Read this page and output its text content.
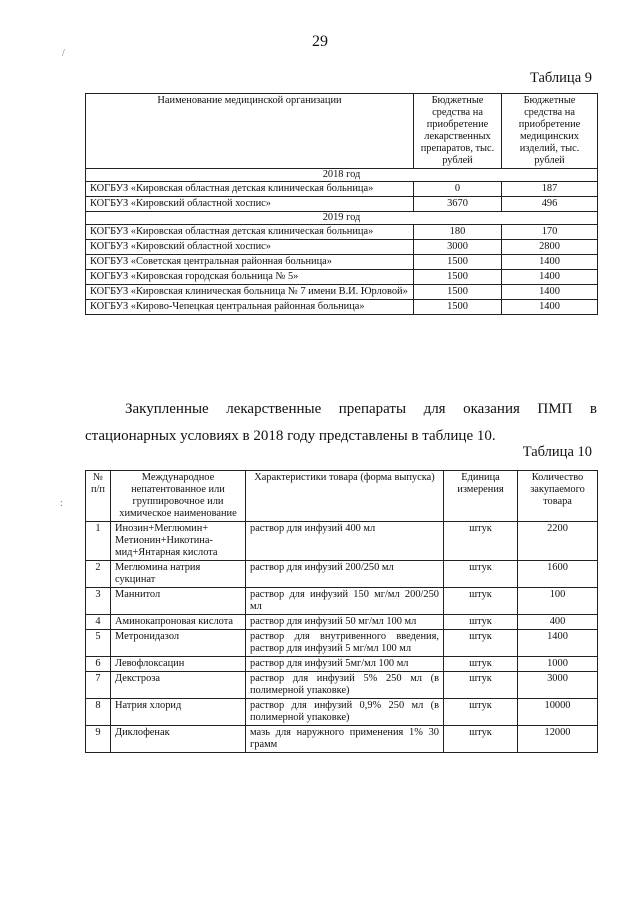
29
/
:
Таблица 9
Наименование медицинской организации	Бюджетные средства на приобретение лекарственных препаратов, тыс. рублей	Бюджетные средства на приобретение медицинских изделий, тыс. рублей
2018 год		
КОГБУЗ «Кировская областная детская клиническая больница»	0	187
КОГБУЗ «Кировский областной хоспис»	3670	496
2019 год		
КОГБУЗ «Кировская областная детская клиническая больница»	180	170
КОГБУЗ «Кировский областной хоспис»	3000	2800
КОГБУЗ «Советская центральная районная больница»	1500	1400
КОГБУЗ «Кировская городская больница № 5»	1500	1400
КОГБУЗ «Кировская клиническая больница № 7 имени В.И. Юрловой»	1500	1400
КОГБУЗ «Кирово-Чепецкая центральная районная больница»	1500	1400
Закупленные лекарственные препараты для оказания ПМП в
стационарных условиях в 2018 году представлены в таблице 10.
Таблица 10
№ п/п	Международное непатентованное или группировочное или химическое наименование	Характеристики товара (форма выпуска)	Единица измерения	Количество закупаемого товара
1	Инозин+Меглюмин+ Метионин+Никотина-мид+Янтарная кислота	раствор для инфузий 400 мл	штук	2200
2	Меглюмина натрия сукцинат	раствор для инфузий 200/250 мл	штук	1600
3	Маннитол	раствор для инфузий 150 мг/мл 200/250 мл	штук	100
4	Аминокапроновая кислота	раствор для инфузий 50 мг/мл 100 мл	штук	400
5	Метронидазол	раствор для внутривенного введения, раствор для инфузий 5 мг/мл 100 мл	штук	1400
6	Левофлоксацин	раствор для инфузий 5мг/мл 100 мл	штук	1000
7	Декстроза	раствор для инфузий 5% 250 мл (в полимерной упаковке)	штук	3000
8	Натрия хлорид	раствор для инфузий 0,9% 250 мл (в полимерной упаковке)	штук	10000
9	Диклофенак	мазь для наружного применения 1% 30 грамм	штук	12000
